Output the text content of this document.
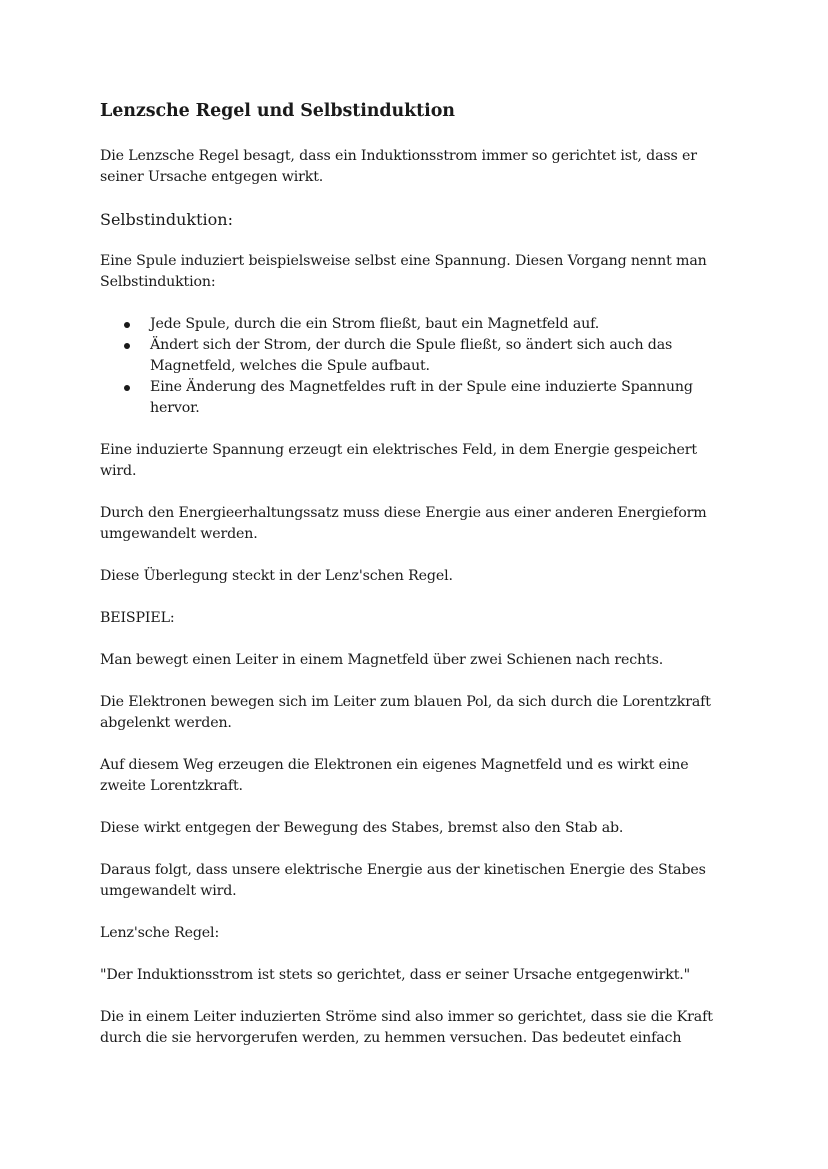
Lenzsche Regel und Selbstinduktion

Die Lenzsche Regel besagt, dass ein Induktionsstrom immer so gerichtet ist, dass er seiner Ursache entgegen wirkt.

Selbstinduktion:

Eine Spule induziert beispielsweise selbst eine Spannung. Diesen Vorgang nennt man Selbstinduktion:

Jede Spule, durch die ein Strom fließt, baut ein Magnetfeld auf.
Ändert sich der Strom, der durch die Spule fließt, so ändert sich auch das Magnetfeld, welches die Spule aufbaut.
Eine Änderung des Magnetfeldes ruft in der Spule eine induzierte Spannung hervor.

Eine induzierte Spannung erzeugt ein elektrisches Feld, in dem Energie gespeichert wird.

Durch den Energieerhaltungssatz muss diese Energie aus einer anderen Energieform umgewandelt werden.

Diese Überlegung steckt in der Lenz'schen Regel.

BEISPIEL:

Man bewegt einen Leiter in einem Magnetfeld über zwei Schienen nach rechts.

Die Elektronen bewegen sich im Leiter zum blauen Pol, da sich durch die Lorentzkraft abgelenkt werden.

Auf diesem Weg erzeugen die Elektronen ein eigenes Magnetfeld und es wirkt eine zweite Lorentzkraft.

Diese wirkt entgegen der Bewegung des Stabes, bremst also den Stab ab.

Daraus folgt, dass unsere elektrische Energie aus der kinetischen Energie des Stabes umgewandelt wird.

Lenz'sche Regel:

"Der Induktionsstrom ist stets so gerichtet, dass er seiner Ursache entgegenwirkt."

Die in einem Leiter induzierten Ströme sind also immer so gerichtet, dass sie die Kraft durch die sie hervorgerufen werden, zu hemmen versuchen. Das bedeutet einfach
